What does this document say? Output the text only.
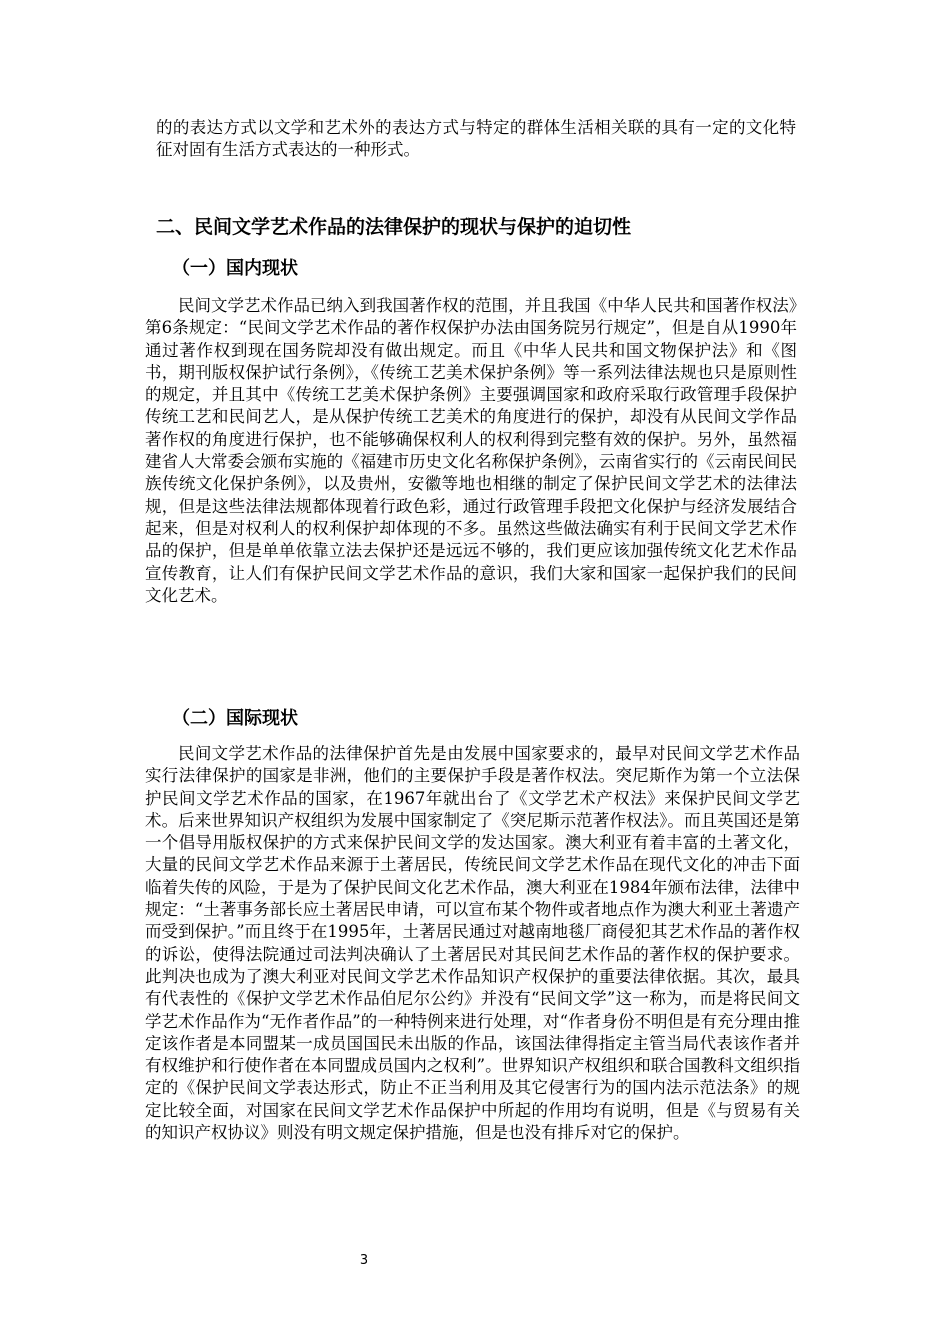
的的表达方式以文学和艺术外的表达方式与特定的群体生活相关联的具有一定的文化特征对固有生活方式表达的一种形式。
二、民间文学艺术作品的法律保护的现状与保护的迫切性
（一）国内现状
民间文学艺术作品已纳入到我国著作权的范围，并且我国《中华人民共和国著作权法》第6条规定：“民间文学艺术作品的著作权保护办法由国务院另行规定”，但是自从1990年通过著作权到现在国务院却没有做出规定。而且《中华人民共和国文物保护法》和《图书，期刊版权保护试行条例》，《传统工艺美术保护条例》等一系列法律法规也只是原则性的规定，并且其中《传统工艺美术保护条例》主要强调国家和政府采取行政管理手段保护传统工艺和民间艺人，是从保护传统工艺美术的角度进行的保护，却没有从民间文学作品著作权的角度进行保护，也不能够确保权利人的权利得到完整有效的保护。另外，虽然福建省人大常委会颁布实施的《福建市历史文化名称保护条例》，云南省实行的《云南民间民族传统文化保护条例》，以及贵州，安徽等地也相继的制定了保护民间文学艺术的法律法规，但是这些法律法规都体现着行政色彩，通过行政管理手段把文化保护与经济发展结合起来，但是对权利人的权利保护却体现的不多。虽然这些做法确实有利于民间文学艺术作品的保护，但是单单依靠立法去保护还是远远不够的，我们更应该加强传统文化艺术作品宣传教育，让人们有保护民间文学艺术作品的意识，我们大家和国家一起保护我们的民间文化艺术。
（二）国际现状
民间文学艺术作品的法律保护首先是由发展中国家要求的，最早对民间文学艺术作品实行法律保护的国家是非洲，他们的主要保护手段是著作权法。突尼斯作为第一个立法保护民间文学艺术作品的国家，在1967年就出台了《文学艺术产权法》来保护民间文学艺术。后来世界知识产权组织为发展中国家制定了《突尼斯示范著作权法》。而且英国还是第一个倡导用版权保护的方式来保护民间文学的发达国家。澳大利亚有着丰富的土著文化，大量的民间文学艺术作品来源于土著居民，传统民间文学艺术作品在现代文化的冲击下面临着失传的风险，于是为了保护民间文化艺术作品，澳大利亚在1984年颁布法律，法律中规定：“土著事务部长应土著居民申请，可以宣布某个物件或者地点作为澳大利亚土著遗产而受到保护。”而且终于在1995年，土著居民通过对越南地毯厂商侵犯其艺术作品的著作权的诉讼，使得法院通过司法判决确认了土著居民对其民间艺术作品的著作权的保护要求。此判决也成为了澳大利亚对民间文学艺术作品知识产权保护的重要法律依据。其次，最具有代表性的《保护文学艺术作品伯尼尔公约》并没有“民间文学”这一称为，而是将民间文学艺术作品作为“无作者作品”的一种特例来进行处理，对“作者身份不明但是有充分理由推定该作者是本同盟某一成员国国民未出版的作品，该国法律得指定主管当局代表该作者并有权维护和行使作者在本同盟成员国内之权利”。世界知识产权组织和联合国教科文组织指定的《保护民间文学表达形式，防止不正当利用及其它侵害行为的国内法示范法条》的规定比较全面，对国家在民间文学艺术作品保护中所起的作用均有说明，但是《与贸易有关的知识产权协议》则没有明文规定保护措施，但是也没有排斥对它的保护。
3
